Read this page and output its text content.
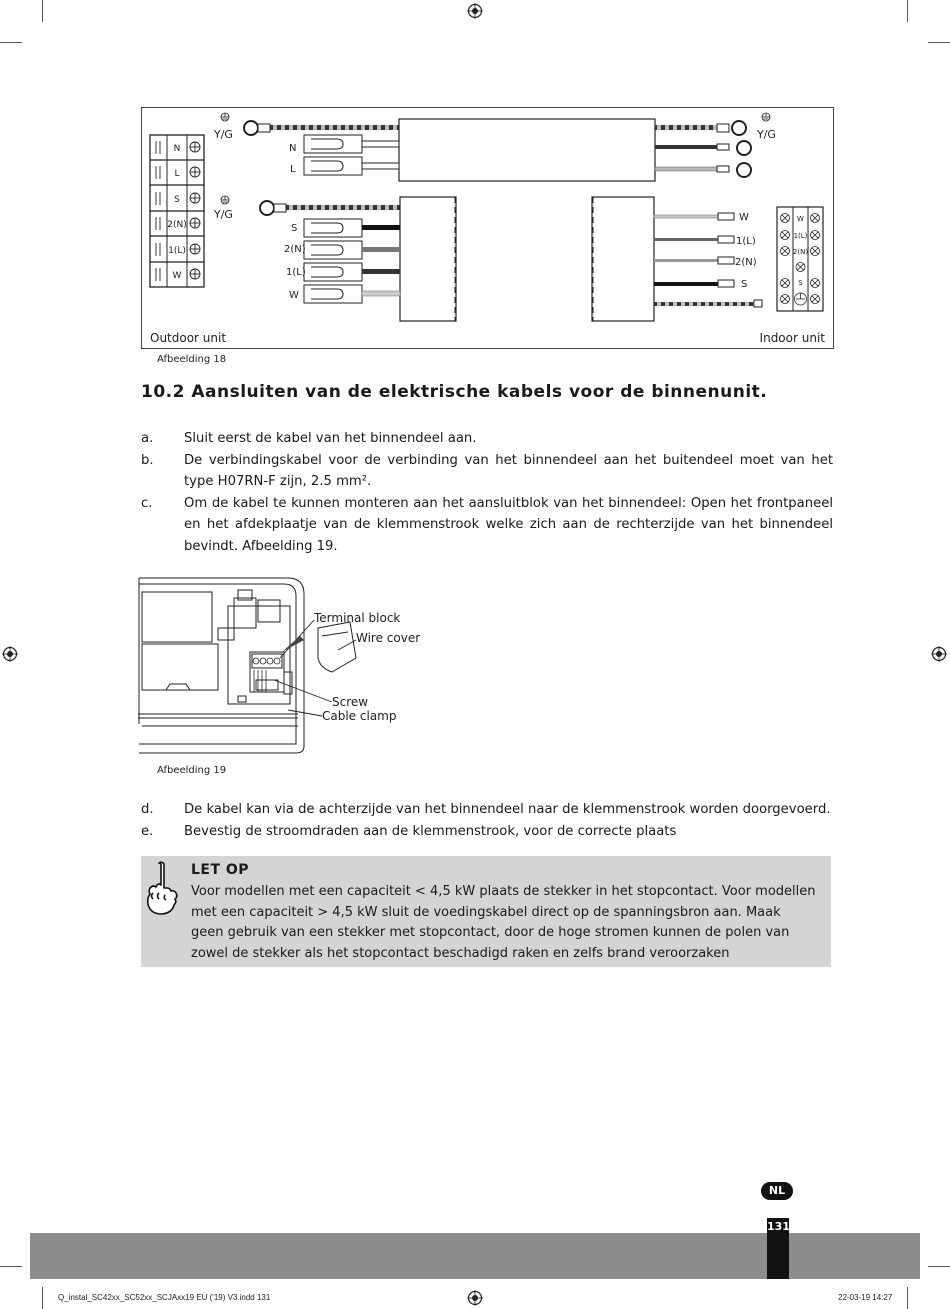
N
L
S
2(N)
1(L)
W
Y/G
Y/G
Y/G
N
L
S
2(N)
1(L)
W
W
1(L)
2(N)
S
W
1(L)
2(N)
S
Outdoor unit	Indoor unit
Afbeelding 18
10.2 Aansluiten van de elektrische kabels voor de binnenunit.

a. Sluit eerst de kabel van het binnendeel aan.

b. De verbindingskabel voor de verbinding van het binnendeel aan het buitendeel moet van het type H07RN-F zijn, 2.5 mm².

c. Om de kabel te kunnen monteren aan het aansluitblok van het binnendeel: Open het frontpaneel en het afdekplaatje van de klemmenstrook welke zich aan de rechterzijde van het binnendeel bevindt. Afbeelding 19.

Terminal block
Wire cover
Screw
Cable clamp
Afbeelding 19

d. De kabel kan via de achterzijde van het binnendeel naar de klemmenstrook worden doorgevoerd.

e. Bevestig de stroomdraden aan de klemmenstrook, voor de correcte plaats

LET OP
Voor modellen met een capaciteit < 4,5 kW plaats de stekker in het stopcontact. Voor modellen met een capaciteit > 4,5 kW sluit de voedingskabel direct op de spanningsbron aan. Maak geen gebruik van een stekker met stopcontact, door de hoge stromen kunnen de polen van zowel de stekker als het stopcontact beschadigd raken en zelfs brand veroorzaken
NL
131
Q_instal_SC42xx_SC52xx_SCJAxx19 EU ('19) V3.indd 131	22-03-19 14:27
